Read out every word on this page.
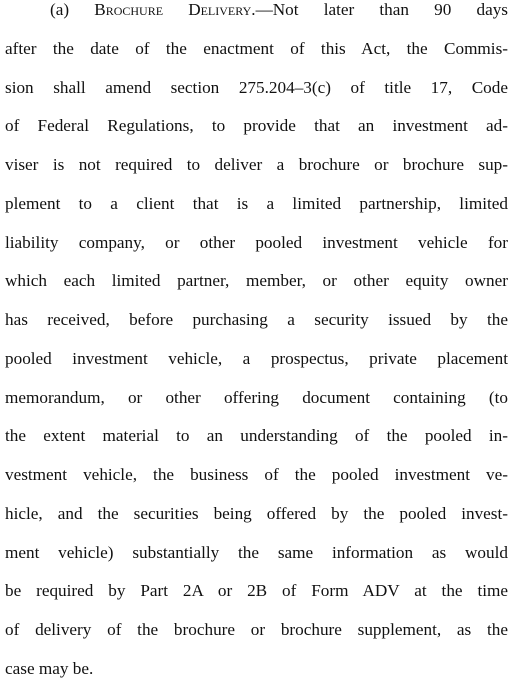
(a) Brochure Delivery.—Not later than 90 days
after the date of the enactment of this Act, the Commis-
sion shall amend section 275.204–3(c) of title 17, Code
of Federal Regulations, to provide that an investment ad-
viser is not required to deliver a brochure or brochure sup-
plement to a client that is a limited partnership, limited
liability company, or other pooled investment vehicle for
which each limited partner, member, or other equity owner
has received, before purchasing a security issued by the
pooled investment vehicle, a prospectus, private placement
memorandum, or other offering document containing (to
the extent material to an understanding of the pooled in-
vestment vehicle, the business of the pooled investment ve-
hicle, and the securities being offered by the pooled invest-
ment vehicle) substantially the same information as would
be required by Part 2A or 2B of Form ADV at the time
of delivery of the brochure or brochure supplement, as the
case may be.
